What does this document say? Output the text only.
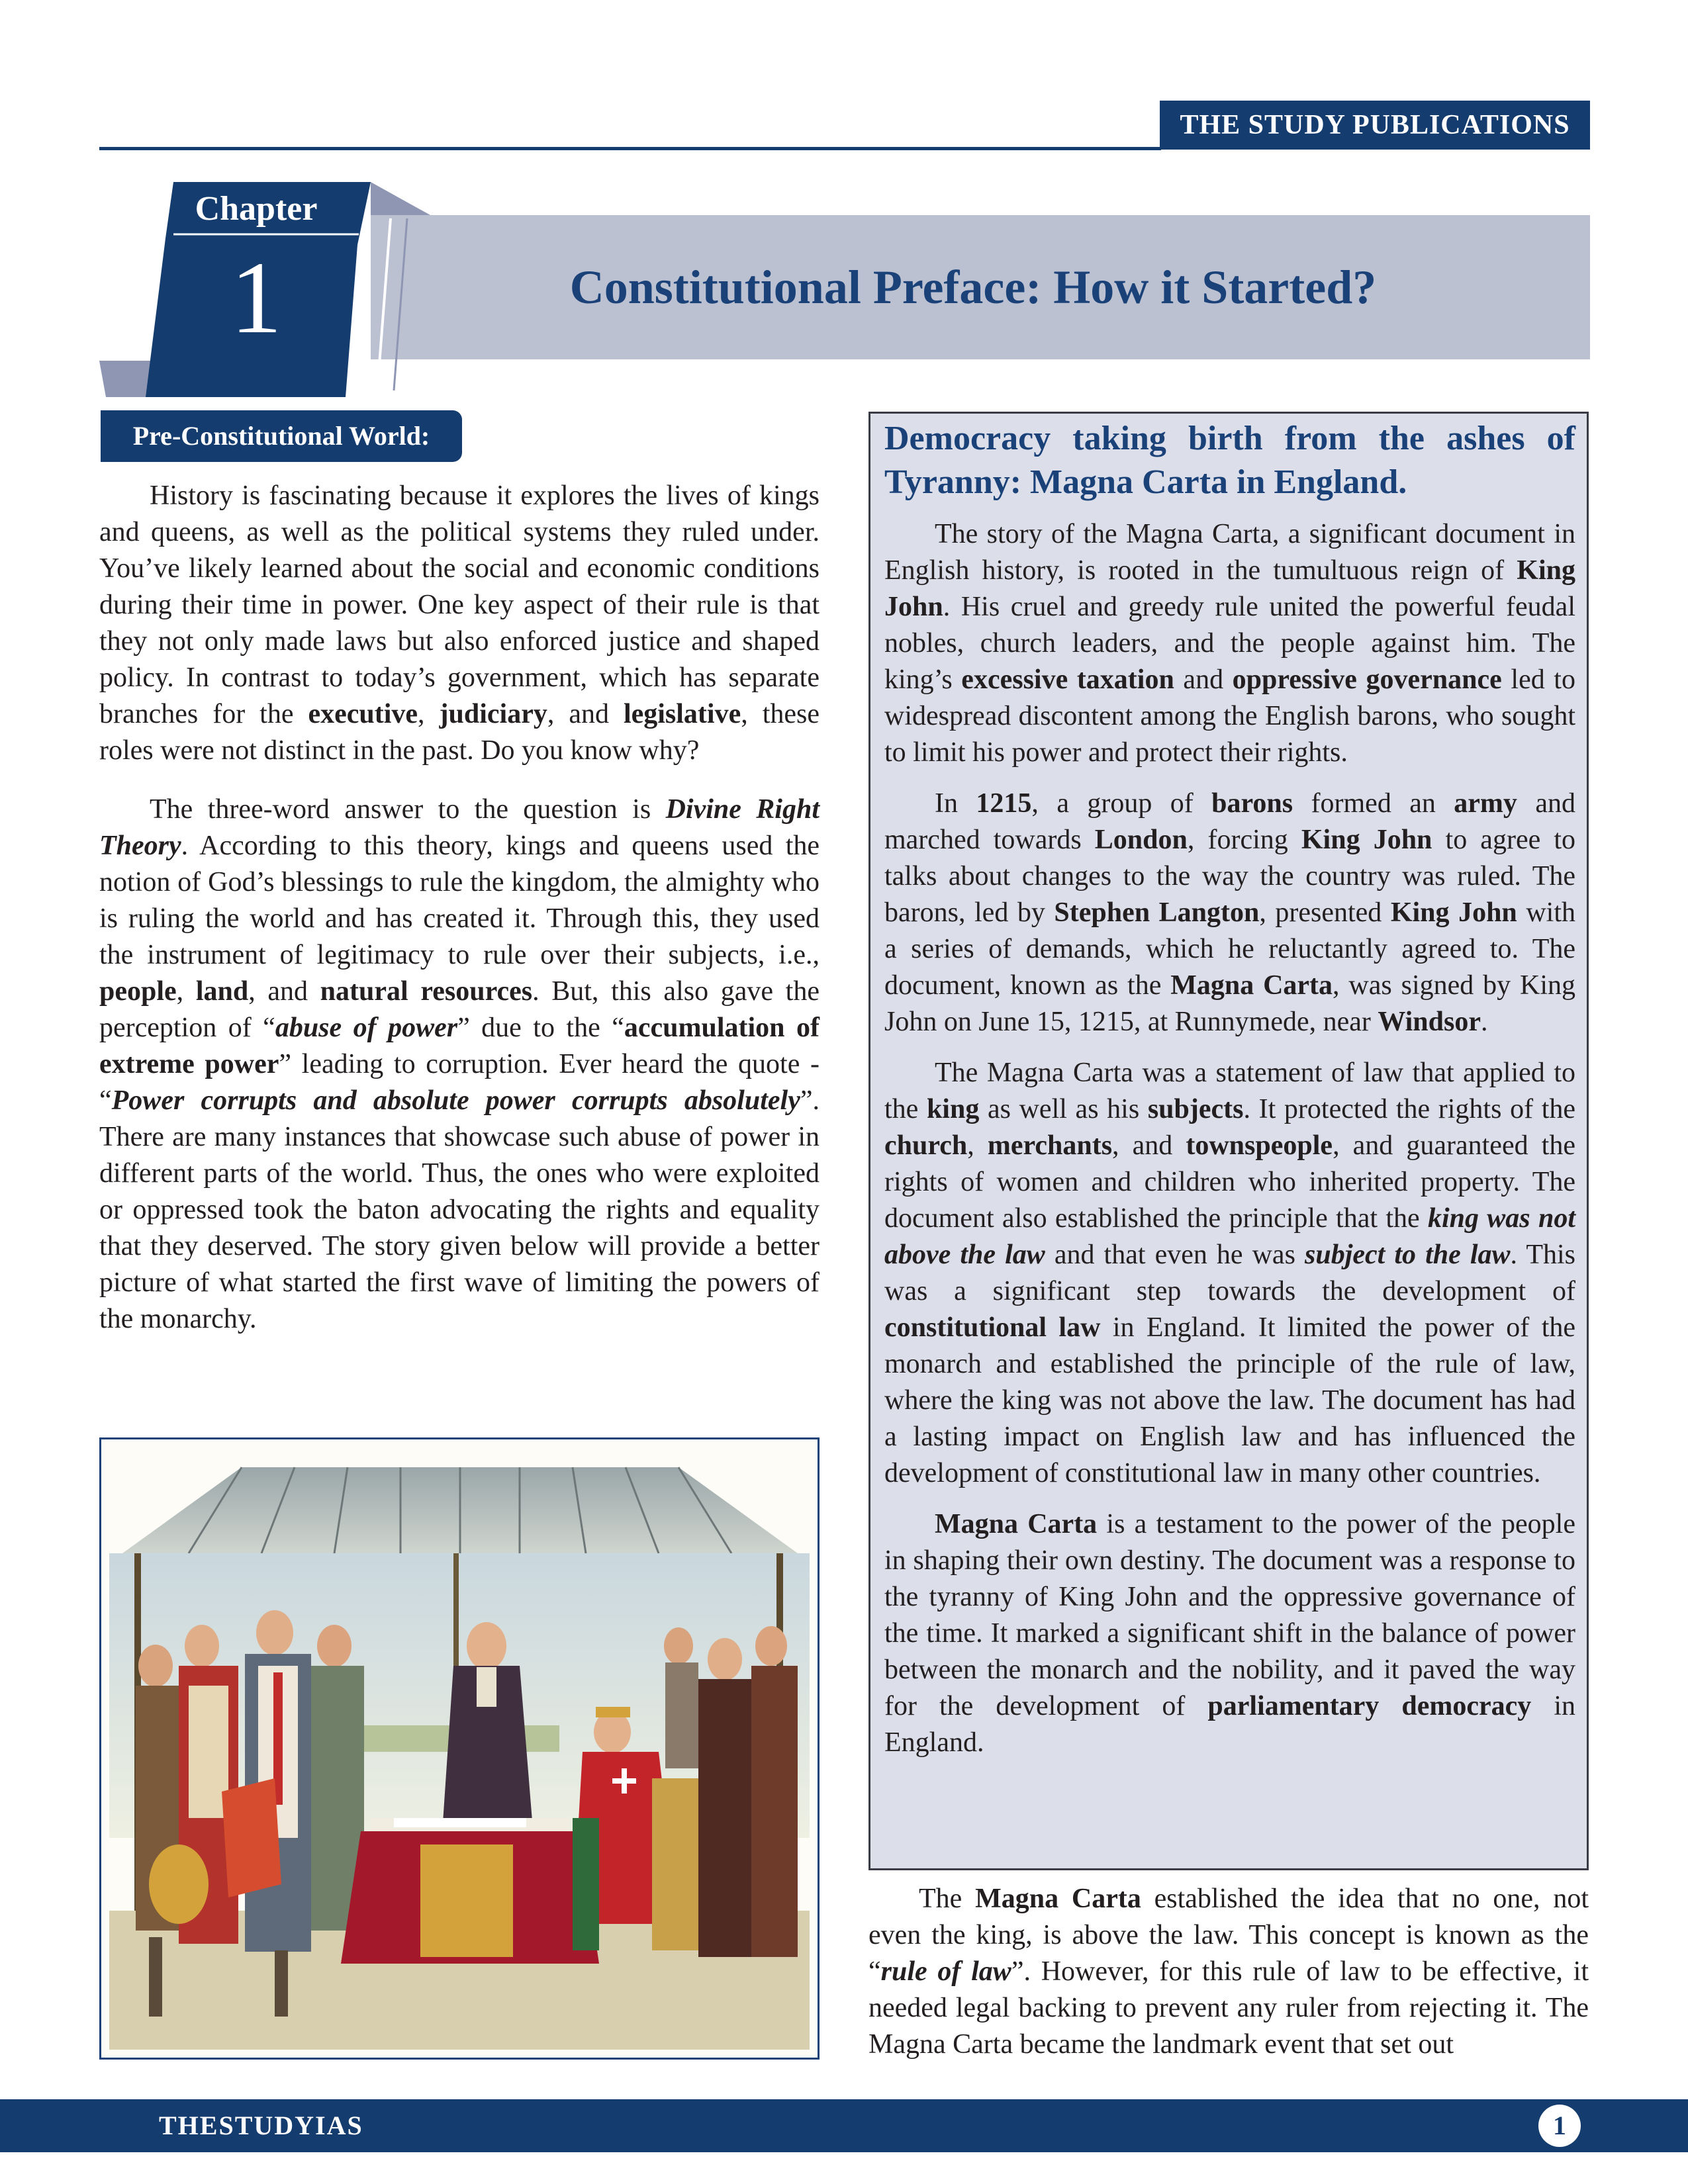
THE STUDY PUBLICATIONS
Chapter
1	Constitutional Preface: How it Started?
Pre-Constitutional World:

History is fascinating because it explores the lives of kings and queens, as well as the political systems they ruled under. You’ve likely learned about the social and economic conditions during their time in power. One key aspect of their rule is that they not only made laws but also enforced justice and shaped policy. In contrast to today’s government, which has separate branches for the executive, judiciary, and legislative, these roles were not distinct in the past. Do you know why?

The three-word answer to the question is Divine Right Theory. According to this theory, kings and queens used the notion of God’s blessings to rule the kingdom, the almighty who is ruling the world and has created it. Through this, they used the instrument of legitimacy to rule over their subjects, i.e., people, land, and natural resources. But, this also gave the perception of “abuse of power” due to the “accumulation of extreme power” leading to corruption. Ever heard the quote - “Power corrupts and absolute power corrupts absolutely”. There are many instances that showcase such abuse of power in different parts of the world. Thus, the ones who were exploited or oppressed took the baton advocating the rights and equality that they deserved. The story given below will provide a better picture of what started the first wave of limiting the powers of the monarchy.

Democracy taking birth from the ashes of Tyranny: Magna Carta in England.

The story of the Magna Carta, a significant document in English history, is rooted in the tumultuous reign of King John. His cruel and greedy rule united the powerful feudal nobles, church leaders, and the people against him. The king’s excessive taxation and oppressive governance led to widespread discontent among the English barons, who sought to limit his power and protect their rights.

In 1215, a group of barons formed an army and marched towards London, forcing King John to agree to talks about changes to the way the country was ruled. The barons, led by Stephen Langton, presented King John with a series of demands, which he reluctantly agreed to. The document, known as the Magna Carta, was signed by King John on June 15, 1215, at Runnymede, near Windsor.

The Magna Carta was a statement of law that applied to the king as well as his subjects. It protected the rights of the church, merchants, and townspeople, and guaranteed the rights of women and children who inherited property. The document also established the principle that the king was not above the law and that even he was subject to the law. This was a significant step towards the development of constitutional law in England. It limited the power of the monarch and established the principle of the rule of law, where the king was not above the law. The document has had a lasting impact on English law and has influenced the development of constitutional law in many other countries.

Magna Carta is a testament to the power of the people in shaping their own destiny. The document was a response to the tyranny of King John and the oppressive governance of the time. It marked a significant shift in the balance of power between the monarch and the nobility, and it paved the way for the development of parliamentary democracy in England.

The Magna Carta established the idea that no one, not even the king, is above the law. This concept is known as the “rule of law”. However, for this rule of law to be effective, it needed legal backing to prevent any ruler from rejecting it. The Magna Carta became the landmark event that set out

THESTUDYIAS	1
